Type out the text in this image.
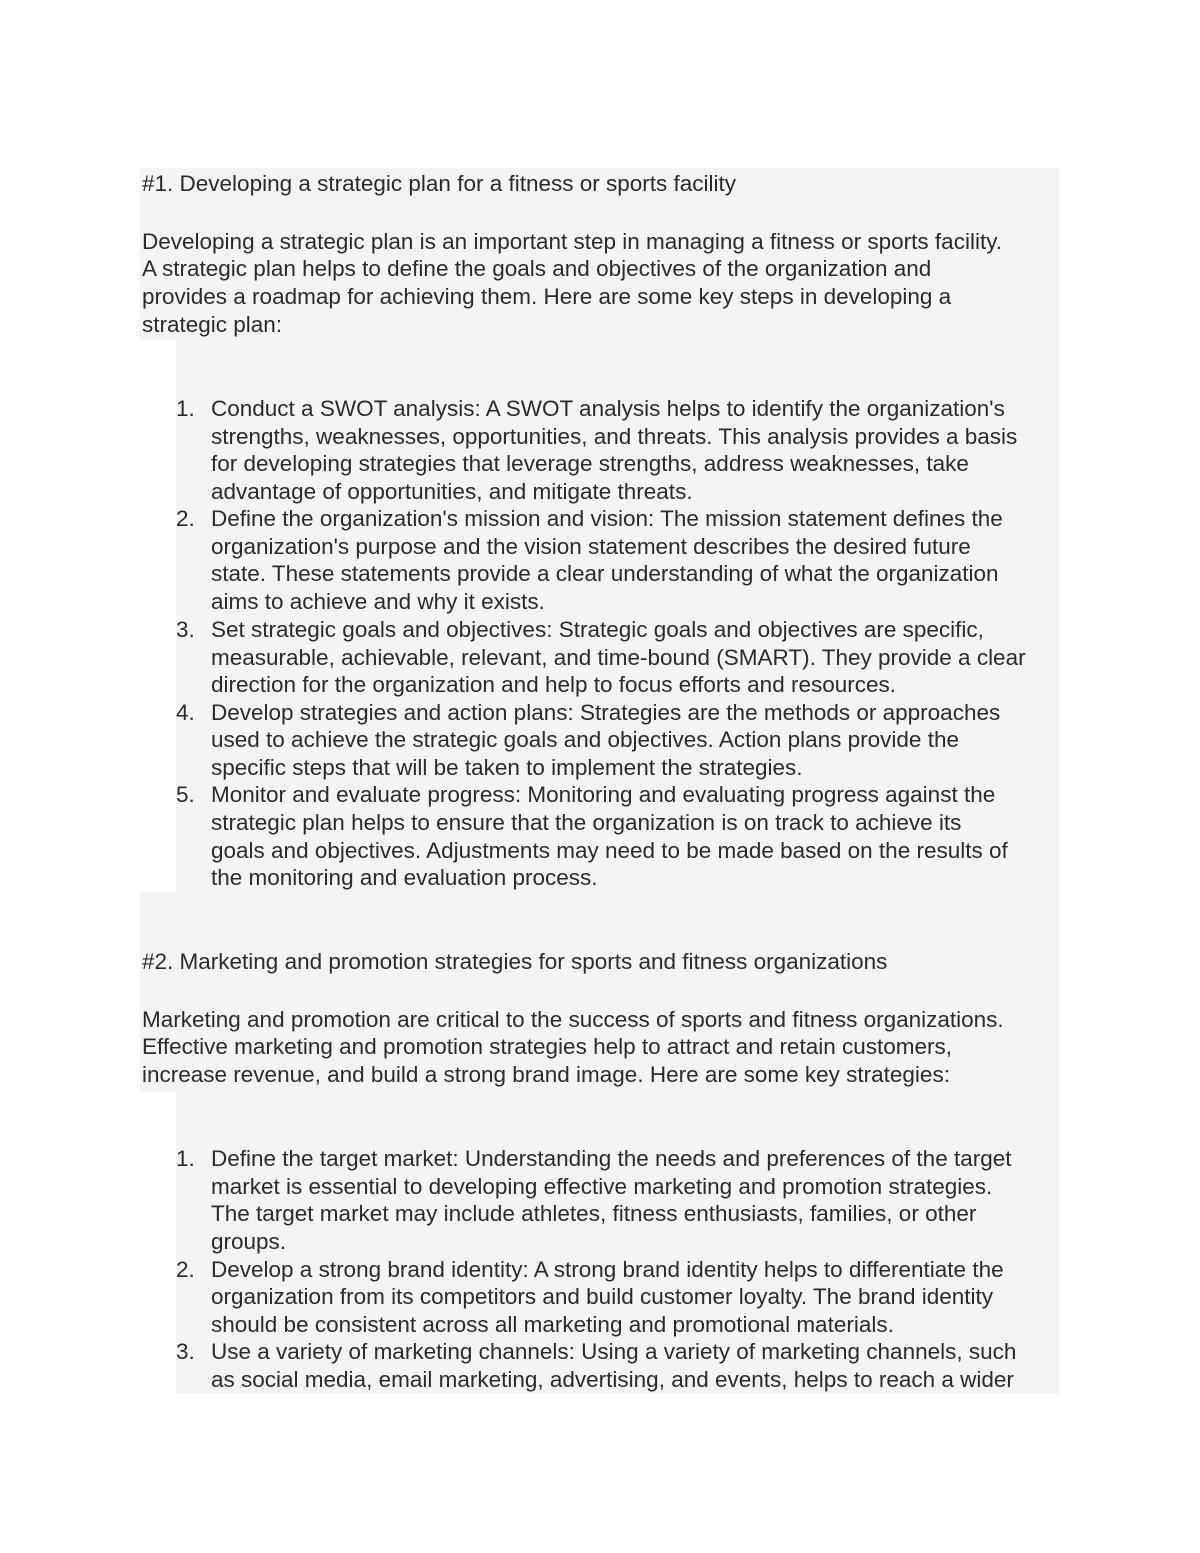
#1. Developing a strategic plan for a fitness or sports facility
Developing a strategic plan is an important step in managing a fitness or sports facility.
A strategic plan helps to define the goals and objectives of the organization and
provides a roadmap for achieving them. Here are some key steps in developing a
strategic plan:
1. Conduct a SWOT analysis: A SWOT analysis helps to identify the organization's
strengths, weaknesses, opportunities, and threats. This analysis provides a basis
for developing strategies that leverage strengths, address weaknesses, take
advantage of opportunities, and mitigate threats.
2. Define the organization's mission and vision: The mission statement defines the
organization's purpose and the vision statement describes the desired future
state. These statements provide a clear understanding of what the organization
aims to achieve and why it exists.
3. Set strategic goals and objectives: Strategic goals and objectives are specific,
measurable, achievable, relevant, and time-bound (SMART). They provide a clear
direction for the organization and help to focus efforts and resources.
4. Develop strategies and action plans: Strategies are the methods or approaches
used to achieve the strategic goals and objectives. Action plans provide the
specific steps that will be taken to implement the strategies.
5. Monitor and evaluate progress: Monitoring and evaluating progress against the
strategic plan helps to ensure that the organization is on track to achieve its
goals and objectives. Adjustments may need to be made based on the results of
the monitoring and evaluation process.
#2. Marketing and promotion strategies for sports and fitness organizations
Marketing and promotion are critical to the success of sports and fitness organizations.
Effective marketing and promotion strategies help to attract and retain customers,
increase revenue, and build a strong brand image. Here are some key strategies:
1. Define the target market: Understanding the needs and preferences of the target
market is essential to developing effective marketing and promotion strategies.
The target market may include athletes, fitness enthusiasts, families, or other
groups.
2. Develop a strong brand identity: A strong brand identity helps to differentiate the
organization from its competitors and build customer loyalty. The brand identity
should be consistent across all marketing and promotional materials.
3. Use a variety of marketing channels: Using a variety of marketing channels, such
as social media, email marketing, advertising, and events, helps to reach a wider
